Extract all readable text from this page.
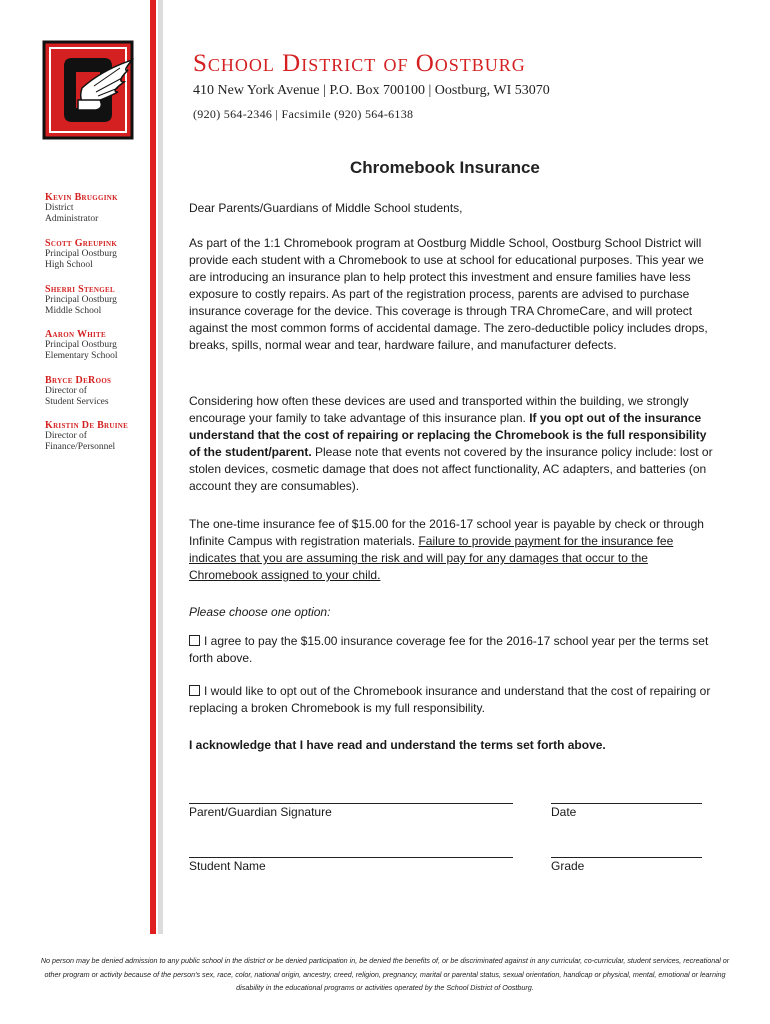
School District of Oostburg
410 New York Avenue | P.O. Box 700100 | Oostburg, WI 53070
(920) 564-2346 | Facsimile (920) 564-6138
Kevin Bruggink
District
Administrator
Scott Greupink
Principal Oostburg
High School
Sherri Stengel
Principal Oostburg
Middle School
Aaron White
Principal Oostburg
Elementary School
Bryce DeRoos
Director of
Student Services
Kristin De Bruine
Director of
Finance/Personnel
Chromebook Insurance
Dear Parents/Guardians of Middle School students,
As part of the 1:1 Chromebook program at Oostburg Middle School, Oostburg School District will provide each student with a Chromebook to use at school for educational purposes. This year we are introducing an insurance plan to help protect this investment and ensure families have less exposure to costly repairs. As part of the registration process, parents are advised to purchase insurance coverage for the device. This coverage is through TRA ChromeCare, and will protect against the most common forms of accidental damage. The zero-deductible policy includes drops, breaks, spills, normal wear and tear, hardware failure, and manufacturer defects.
Considering how often these devices are used and transported within the building, we strongly encourage your family to take advantage of this insurance plan. If you opt out of the insurance understand that the cost of repairing or replacing the Chromebook is the full responsibility of the student/parent. Please note that events not covered by the insurance policy include: lost or stolen devices, cosmetic damage that does not affect functionality, AC adapters, and batteries (on account they are consumables).
The one-time insurance fee of $15.00 for the 2016-17 school year is payable by check or through Infinite Campus with registration materials. Failure to provide payment for the insurance fee indicates that you are assuming the risk and will pay for any damages that occur to the Chromebook assigned to your child.
Please choose one option:
I agree to pay the $15.00 insurance coverage fee for the 2016-17 school year per the terms set forth above.
I would like to opt out of the Chromebook insurance and understand that the cost of repairing or replacing a broken Chromebook is my full responsibility.
I acknowledge that I have read and understand the terms set forth above.
Parent/Guardian Signature	Date
Student Name	Grade
No person may be denied admission to any public school in the district or be denied participation in, be denied the benefits of, or be discriminated against in any curricular, co-curricular, student services, recreational or other program or activity because of the person's sex, race, color, national origin, ancestry, creed, religion, pregnancy, marital or parental status, sexual orientation, handicap or physical, mental, emotional or learning disability in the educational programs or activities operated by the School District of Oostburg.
